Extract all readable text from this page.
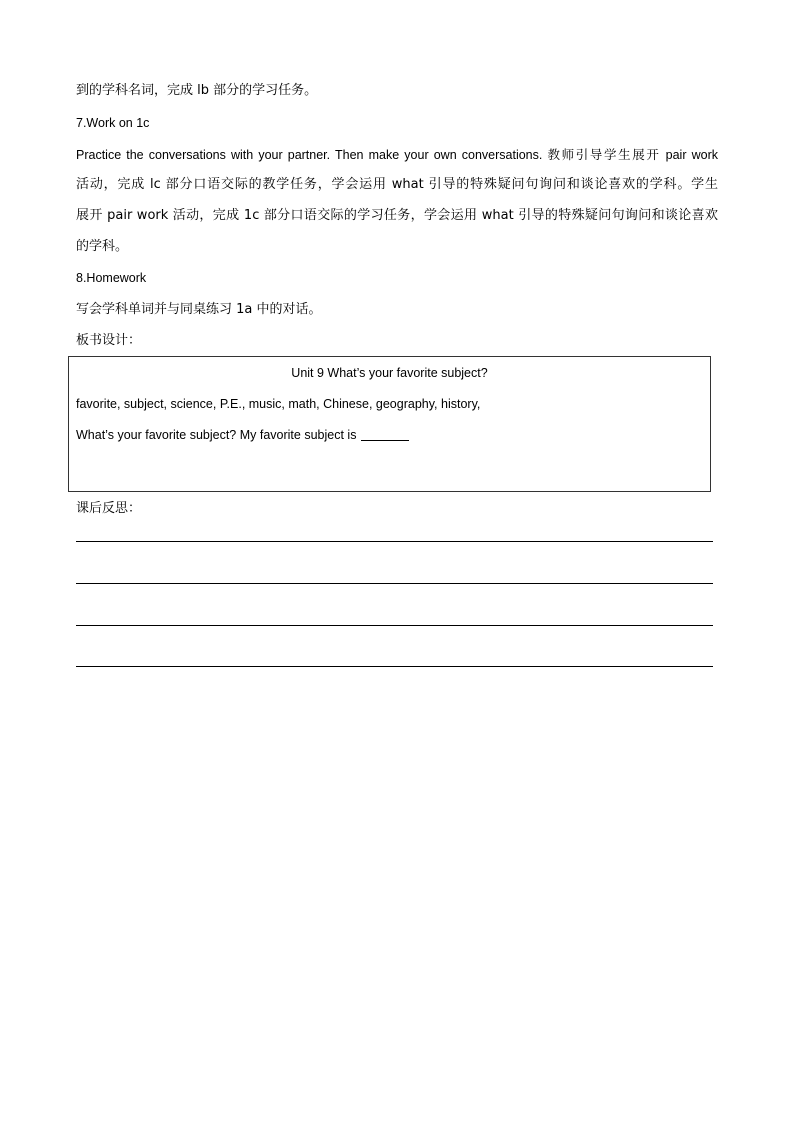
到的学科名词，完成 lb 部分的学习任务。
7.Work on 1c
Practice the conversations with your partner. Then make your own conversations. 教师引导学生展开 pair work
活动，完成 lc 部分口语交际的教学任务，学会运用 what 引导的特殊疑问句询问和谈论喜欢的学科。学生
展开 pair work 活动，完成 1c 部分口语交际的学习任务，学会运用 what 引导的特殊疑问句询问和谈论喜欢
的学科。
8.Homework
写会学科单词并与同桌练习 1a 中的对话。
板书设计：
Unit 9 What’s your favorite subject?
favorite, subject, science, P.E., music, math, Chinese, geography, history,
What’s your favorite subject? My favorite subject is
课后反思：
